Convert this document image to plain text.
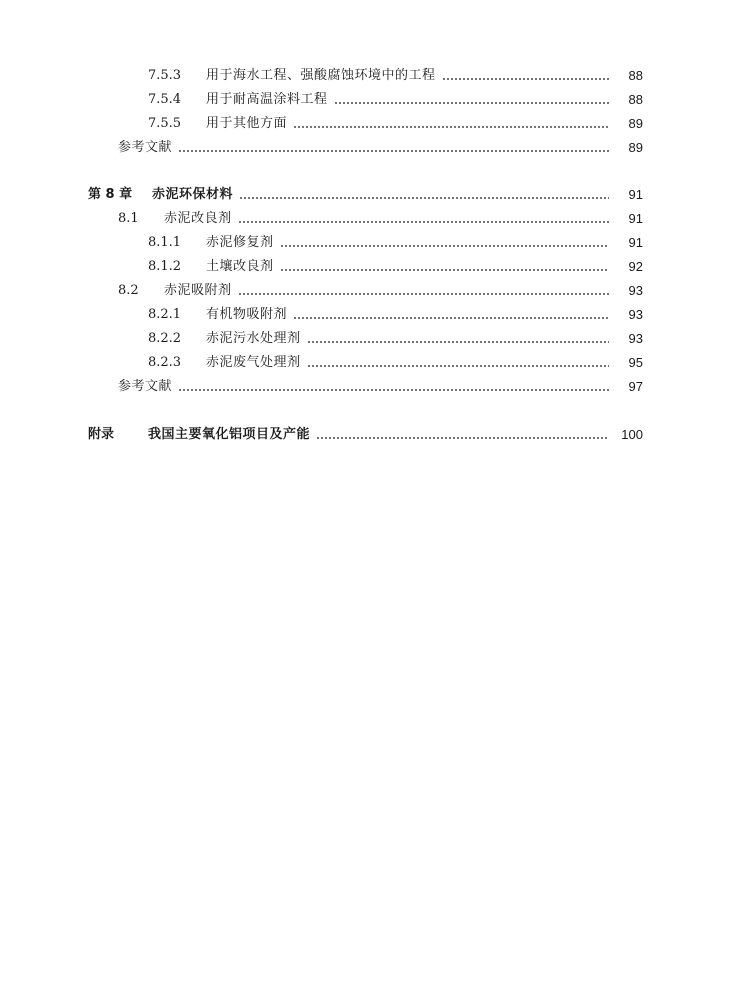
7.5.3	用于海水工程、强酸腐蚀环境中的工程	88
7.5.4	用于耐高温涂料工程	88
7.5.5	用于其他方面	89
参考文献	89
第 8 章	赤泥环保材料	91
8.1	赤泥改良剂	91
8.1.1	赤泥修复剂	91
8.1.2	土壤改良剂	92
8.2	赤泥吸附剂	93
8.2.1	有机物吸附剂	93
8.2.2	赤泥污水处理剂	93
8.2.3	赤泥废气处理剂	95
参考文献	97
附录	我国主要氧化铝项目及产能	100
